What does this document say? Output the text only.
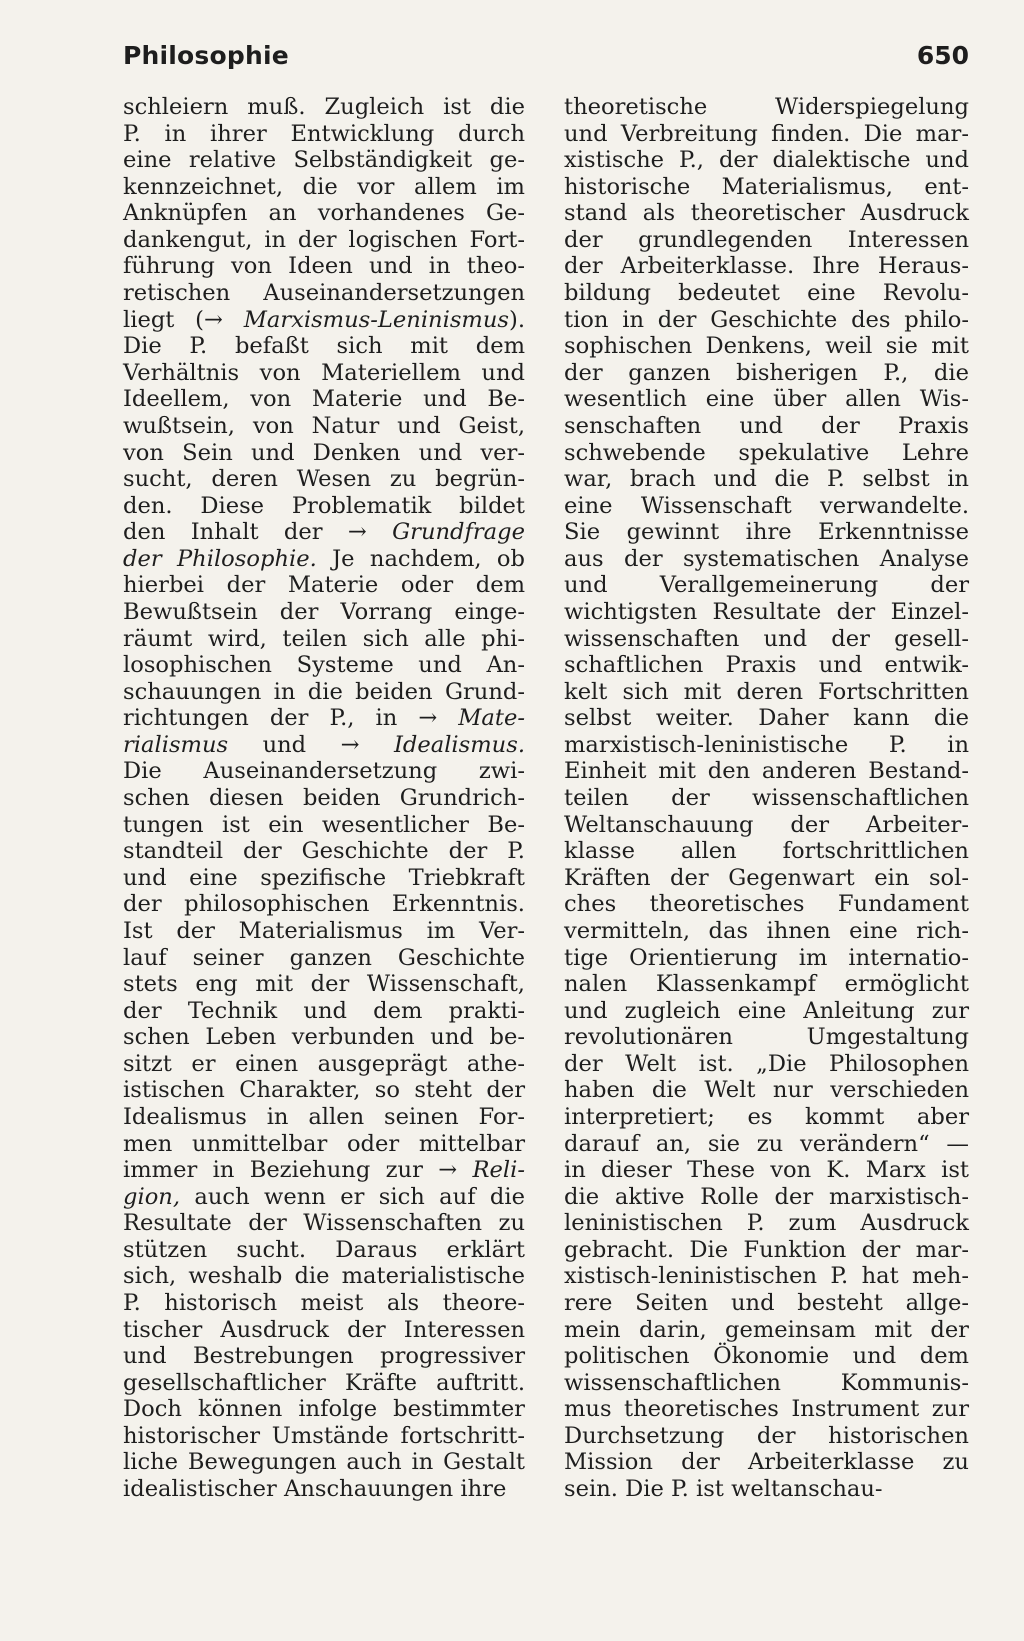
Philosophie	650
schleiern muß. Zugleich ist die
P. in ihrer Entwicklung durch
eine relative Selbständigkeit ge-
kennzeichnet, die vor allem im
Anknüpfen an vorhandenes Ge-
dankengut, in der logischen Fort-
führung von Ideen und in theo-
retischen Auseinandersetzungen
liegt (→ Marxismus-Leninismus).
Die P. befaßt sich mit dem
Verhältnis von Materiellem und
Ideellem, von Materie und Be-
wußtsein, von Natur und Geist,
von Sein und Denken und ver-
sucht, deren Wesen zu begrün-
den. Diese Problematik bildet
den Inhalt der → Grundfrage
der Philosophie. Je nachdem, ob
hierbei der Materie oder dem
Bewußtsein der Vorrang einge-
räumt wird, teilen sich alle phi-
losophischen Systeme und An-
schauungen in die beiden Grund-
richtungen der P., in → Mate-
rialismus und → Idealismus.
Die Auseinandersetzung zwi-
schen diesen beiden Grundrich-
tungen ist ein wesentlicher Be-
standteil der Geschichte der P.
und eine spezifische Triebkraft
der philosophischen Erkenntnis.
Ist der Materialismus im Ver-
lauf seiner ganzen Geschichte
stets eng mit der Wissenschaft,
der Technik und dem prakti-
schen Leben verbunden und be-
sitzt er einen ausgeprägt athe-
istischen Charakter, so steht der
Idealismus in allen seinen For-
men unmittelbar oder mittelbar
immer in Beziehung zur → Reli-
gion, auch wenn er sich auf die
Resultate der Wissenschaften zu
stützen sucht. Daraus erklärt
sich, weshalb die materialistische
P. historisch meist als theore-
tischer Ausdruck der Interessen
und Bestrebungen progressiver
gesellschaftlicher Kräfte auftritt.
Doch können infolge bestimmter
historischer Umstände fortschritt-
liche Bewegungen auch in Gestalt
idealistischer Anschauungen ihre
theoretische Widerspiegelung
und Verbreitung finden. Die mar-
xistische P., der dialektische und
historische Materialismus, ent-
stand als theoretischer Ausdruck
der grundlegenden Interessen
der Arbeiterklasse. Ihre Heraus-
bildung bedeutet eine Revolu-
tion in der Geschichte des philo-
sophischen Denkens, weil sie mit
der ganzen bisherigen P., die
wesentlich eine über allen Wis-
senschaften und der Praxis
schwebende spekulative Lehre
war, brach und die P. selbst in
eine Wissenschaft verwandelte.
Sie gewinnt ihre Erkenntnisse
aus der systematischen Analyse
und Verallgemeinerung der
wichtigsten Resultate der Einzel-
wissenschaften und der gesell-
schaftlichen Praxis und entwik-
kelt sich mit deren Fortschritten
selbst weiter. Daher kann die
marxistisch-leninistische P. in
Einheit mit den anderen Bestand-
teilen der wissenschaftlichen
Weltanschauung der Arbeiter-
klasse allen fortschrittlichen
Kräften der Gegenwart ein sol-
ches theoretisches Fundament
vermitteln, das ihnen eine rich-
tige Orientierung im internatio-
nalen Klassenkampf ermöglicht
und zugleich eine Anleitung zur
revolutionären Umgestaltung
der Welt ist. „Die Philosophen
haben die Welt nur verschieden
interpretiert; es kommt aber
darauf an, sie zu verändern“ —
in dieser These von K. Marx ist
die aktive Rolle der marxistisch-
leninistischen P. zum Ausdruck
gebracht. Die Funktion der mar-
xistisch-leninistischen P. hat meh-
rere Seiten und besteht allge-
mein darin, gemeinsam mit der
politischen Ökonomie und dem
wissenschaftlichen Kommunis-
mus theoretisches Instrument zur
Durchsetzung der historischen
Mission der Arbeiterklasse zu
sein. Die P. ist weltanschau-
